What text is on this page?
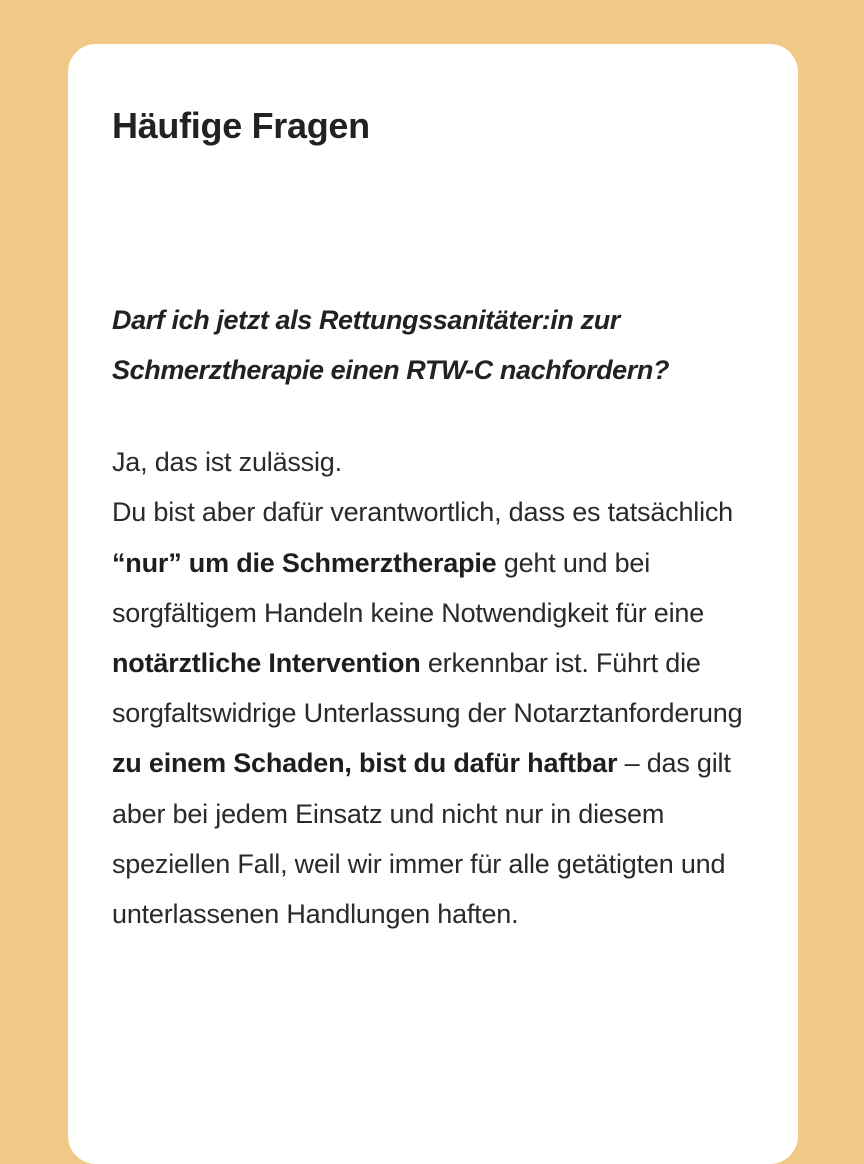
Häufige Fragen

Darf ich jetzt als Rettungssanitäter:in zur Schmerztherapie einen RTW-C nachfordern?

Ja, das ist zulässig.
Du bist aber dafür verantwortlich, dass es tatsächlich “nur” um die Schmerztherapie geht und bei sorgfältigem Handeln keine Notwendigkeit für eine notärztliche Intervention erkennbar ist. Führt die sorgfaltswidrige Unterlassung der Notarztanforderung zu einem Schaden, bist du dafür haftbar – das gilt aber bei jedem Einsatz und nicht nur in diesem speziellen Fall, weil wir immer für alle getätigten und unterlassenen Handlungen haften.
